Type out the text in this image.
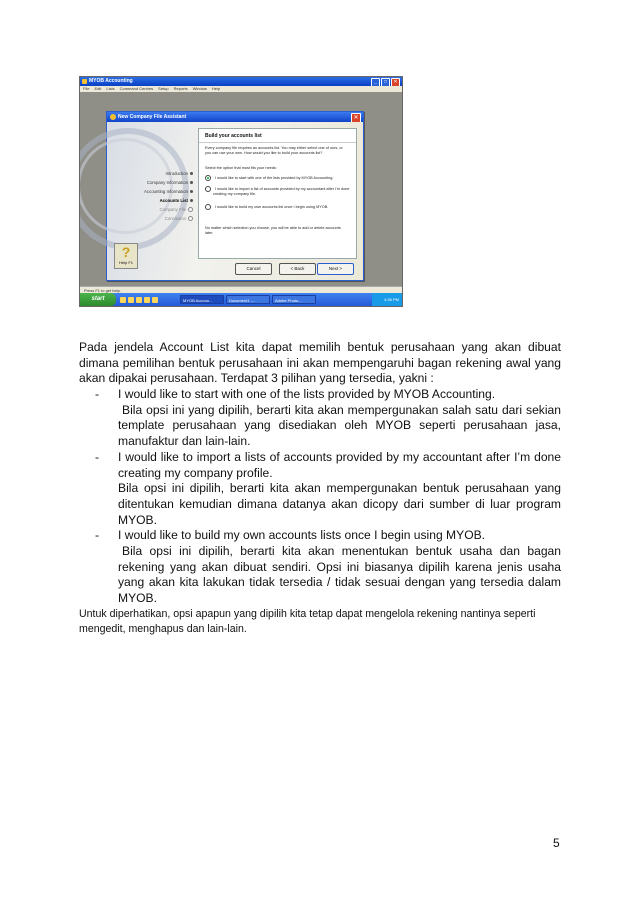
MYOB Accounting	_	□	✕
File Edit Lists Command Centres Setup Reports Window Help
New Company File Assistant	✕
Introduction
Company Information
Accounting Information
Accounts List
Company File
Conclusion
Build your accounts list
Every company file requires an accounts list. You may either select one of ours, or you can use your own. How would you like to build your accounts list?
Select the option that most fits your needs:
I would like to start with one of the lists provided by MYOB Accounting.
I would like to import a list of accounts provided by my accountant after I'm done creating my company file.
I would like to build my own accounts list once I begin using MYOB.
No matter which selection you choose, you will be able to add or delete accounts later.
?
Help F1
Cancel	< Back	Next >
Press F1 to get help.
start	MYOB Accoun...	Document1 -...	Adobe Photo...	4:36 PM
Pada jendela Account List kita dapat memilih bentuk perusahaan yang akan dibuat dimana pemilihan bentuk perusahaan ini akan mempengaruhi bagan rekening awal yang akan dipakai perusahaan. Terdapat 3 pilihan yang tersedia, yakni :
- I would like to start with one of the lists provided by MYOB Accounting.
Bila opsi ini yang dipilih, berarti kita akan mempergunakan salah satu dari sekian template perusahaan yang disediakan oleh MYOB seperti perusahaan jasa, manufaktur dan lain-lain.
- I would like to import a lists of accounts provided by my accountant after I’m done creating my company profile.
Bila opsi ini dipilih, berarti kita akan mempergunakan bentuk perusahaan yang ditentukan kemudian dimana datanya akan dicopy dari sumber di luar program MYOB.
- I would like to build my own accounts lists once I begin using MYOB.
Bila opsi ini dipilih, berarti kita akan menentukan bentuk usaha dan bagan rekening yang akan dibuat sendiri. Opsi ini biasanya dipilih karena jenis usaha yang akan kita lakukan tidak tersedia / tidak sesuai dengan yang tersedia dalam MYOB.
Untuk diperhatikan, opsi apapun yang dipilih kita tetap dapat mengelola rekening nantinya seperti mengedit, menghapus dan lain-lain.
5
